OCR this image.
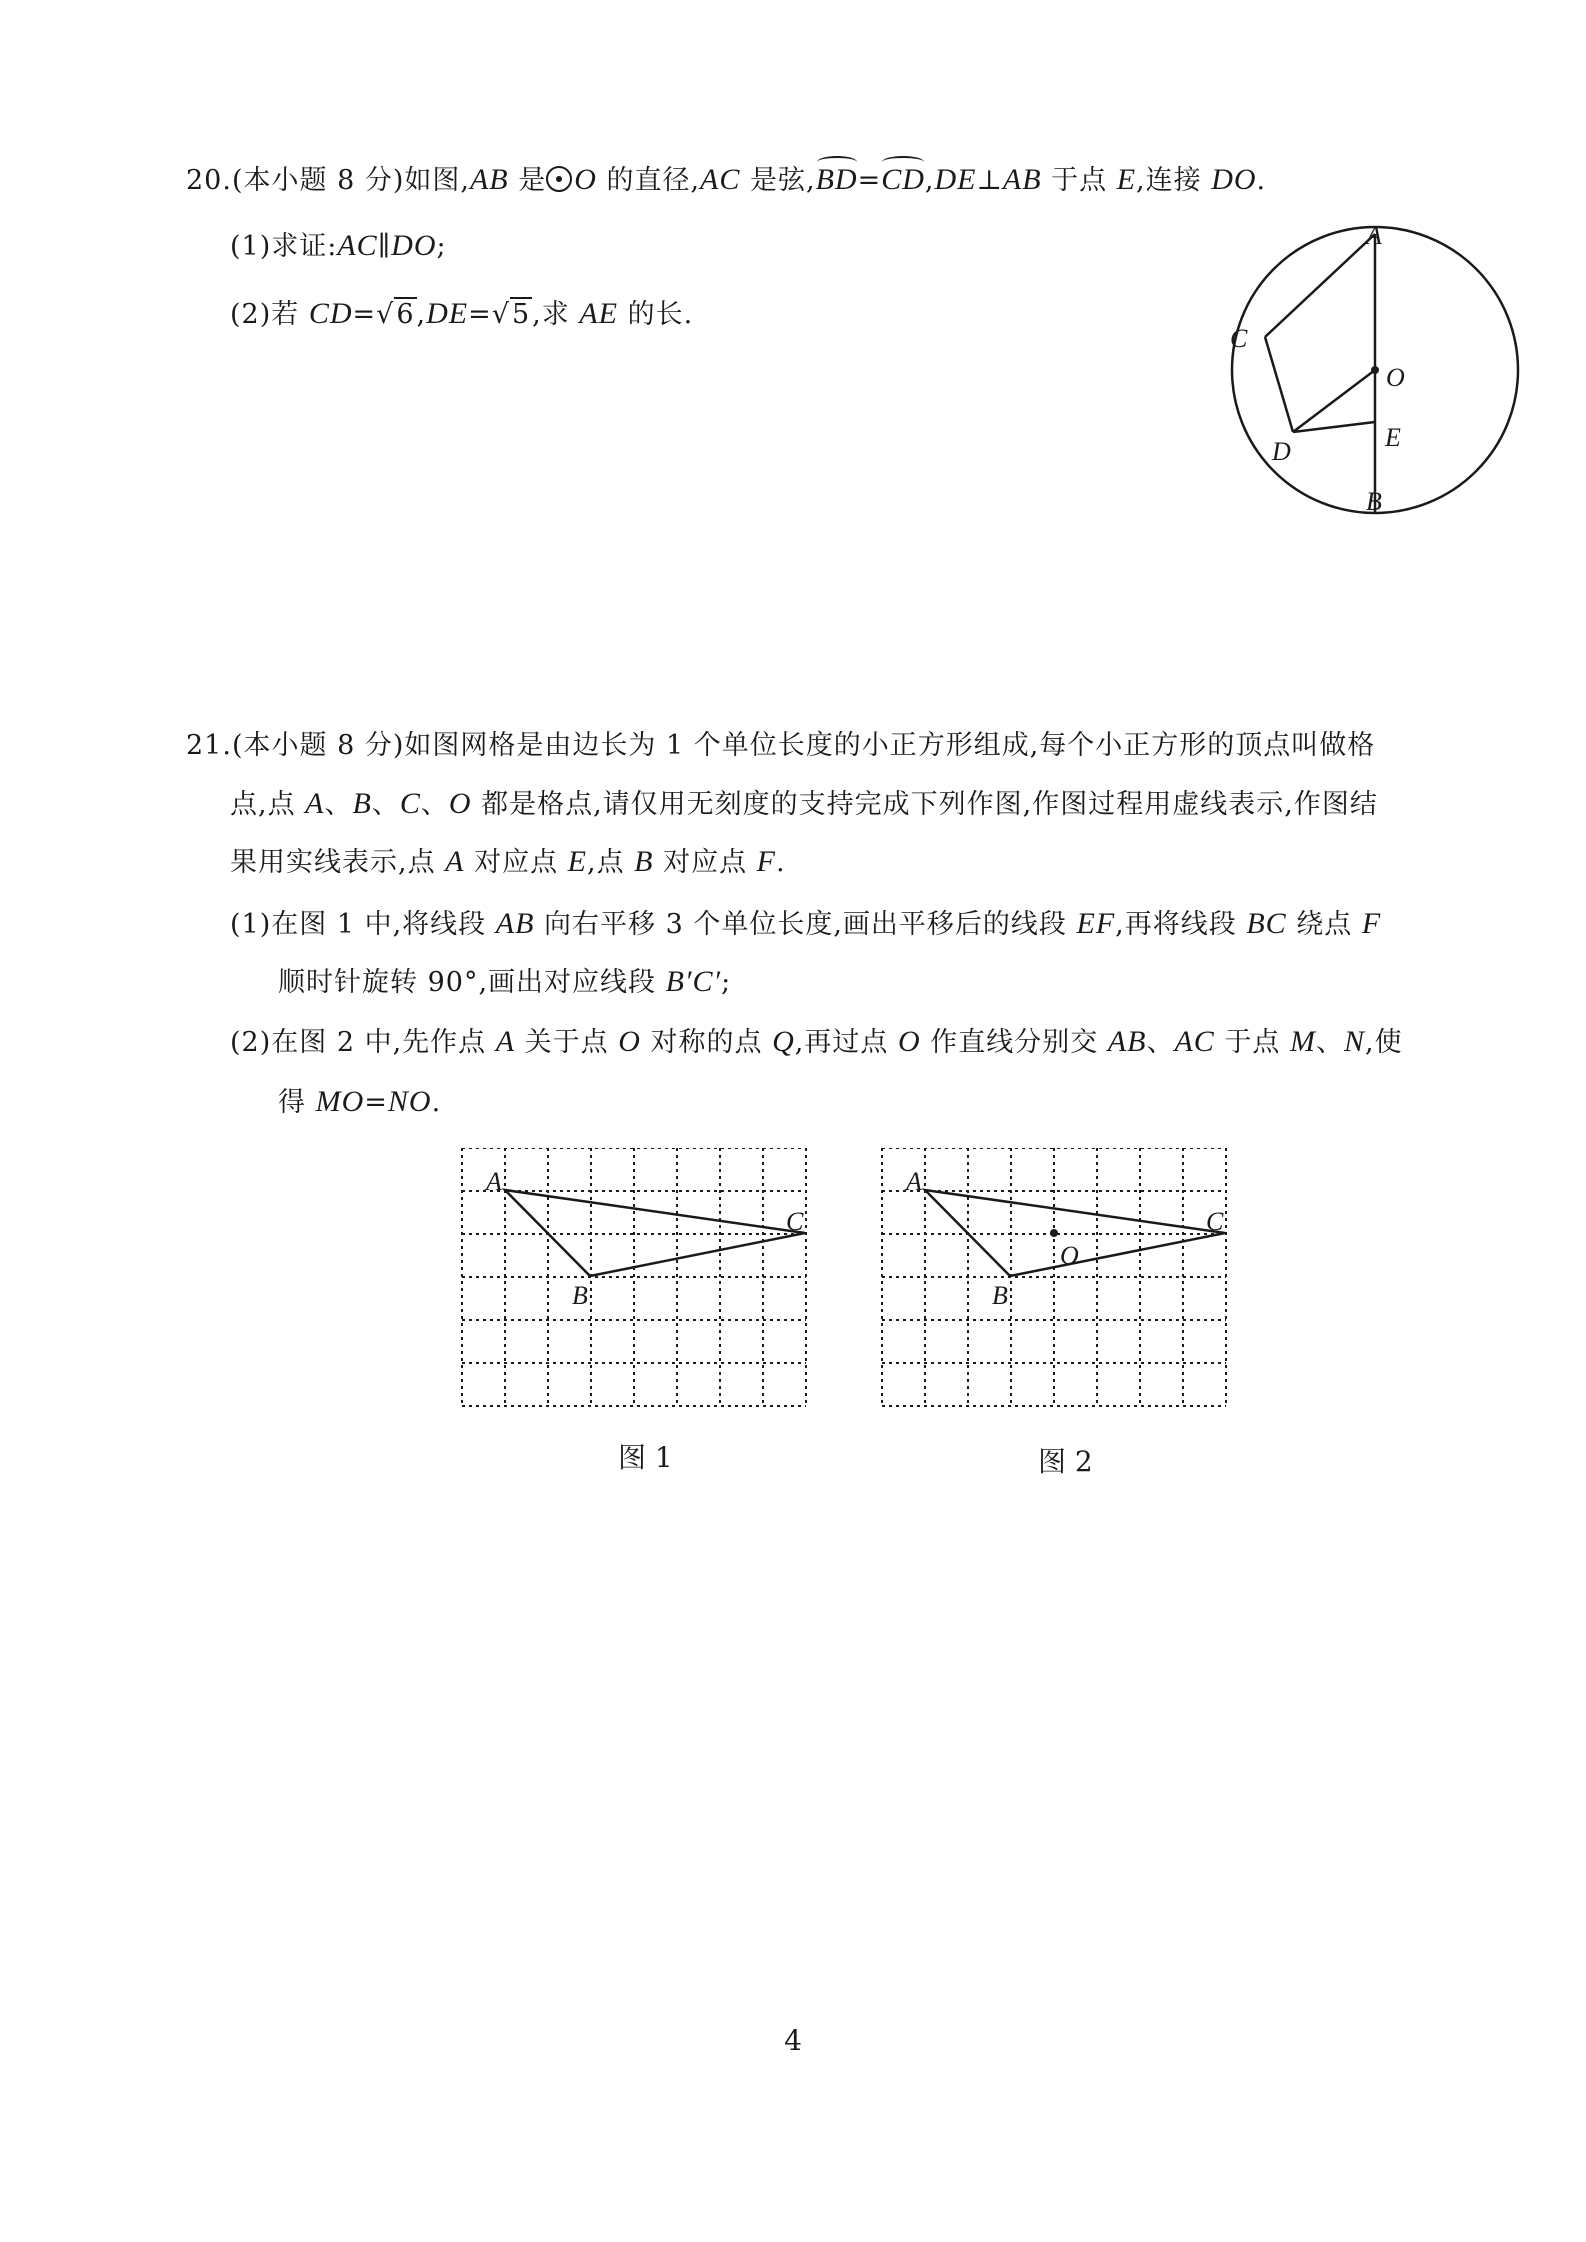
20.(本小题 8 分)如图,AB 是 O 的直径,AC 是弦,BD=CD,DE⊥AB 于点 E,连接 DO.
(1)求证:AC∥DO;
(2)若 CD=√6,DE=√5,求 AE 的长.
A
C
O
D	E
B
21.(本小题 8 分)如图网格是由边长为 1 个单位长度的小正方形组成,每个小正方形的顶点叫做格
点,点 A、B、C、O 都是格点,请仅用无刻度的支持完成下列作图,作图过程用虚线表示,作图结
果用实线表示,点 A 对应点 E,点 B 对应点 F.
(1)在图 1 中,将线段 AB 向右平移 3 个单位长度,画出平移后的线段 EF,再将线段 BC 绕点 F
顺时针旋转 90°,画出对应线段 B′C′;
(2)在图 2 中,先作点 A 关于点 O 对称的点 Q,再过点 O 作直线分别交 AB、AC 于点 M、N,使
得 MO=NO.
A
B
C
图 1
A
B
C
O
图 2
4
